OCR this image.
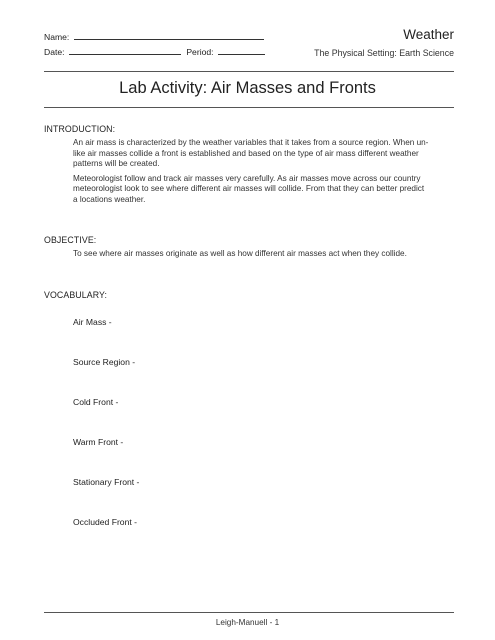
Name:
Date:	Period:
Weather
The Physical Setting: Earth Science
Lab Activity: Air Masses and Fronts
INTRODUCTION:
An air mass is characterized by the weather variables that it takes from a source region. When un-
like air masses collide a front is established and based on the type of air mass different weather
patterns will be created.
Meteorologist follow and track air masses very carefully. As air masses move across our country
meteorologist look to see where different air masses will collide. From that they can better predict
a locations weather.
OBJECTIVE:
To see where air masses originate as well as how different air masses act when they collide.
VOCABULARY:
Air Mass -
Source Region -
Cold Front -
Warm Front -
Stationary Front -
Occluded Front -
Leigh-Manuell - 1
